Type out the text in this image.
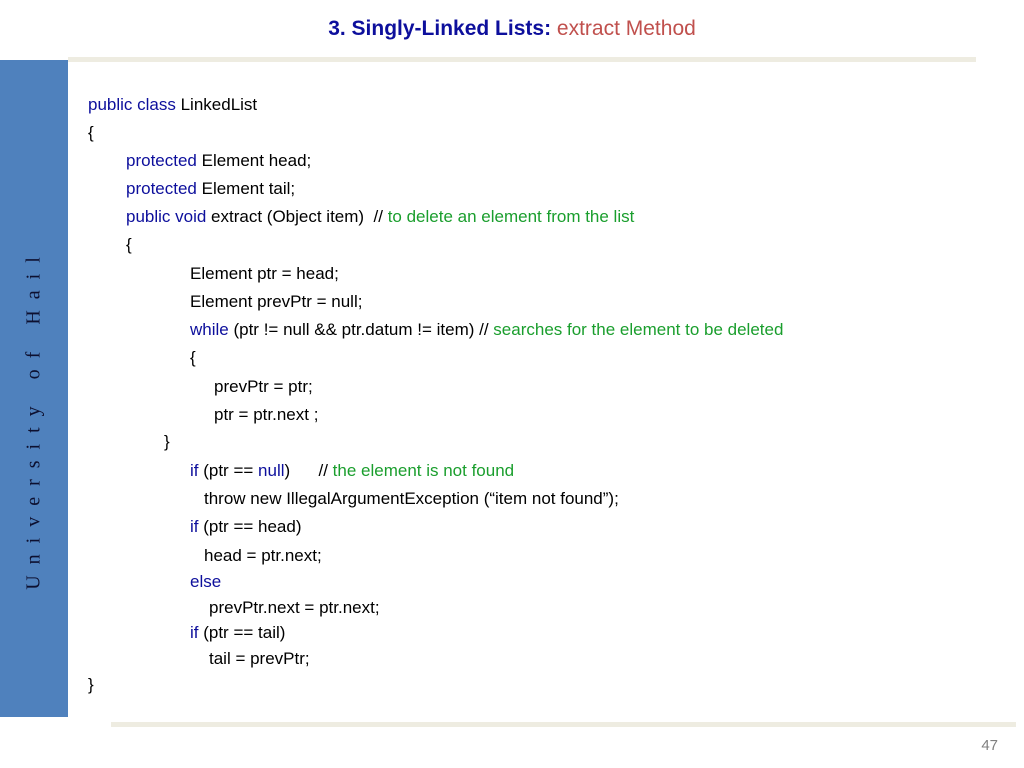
3. Singly-Linked Lists: extract Method
University of Hail
public class LinkedList
{
protected Element head;
protected Element tail;
public void extract (Object item)  // to delete an element from the list
{
Element ptr = head;
Element prevPtr = null;
while (ptr != null && ptr.datum != item) // searches for the element to be deleted
{
prevPtr = ptr;
ptr = ptr.next ;
}
if (ptr == null)      // the element is not found
throw new IllegalArgumentException (“item not found”);
if (ptr == head)
head = ptr.next;
else
prevPtr.next = ptr.next;
if (ptr == tail)
tail = prevPtr;
}
47
